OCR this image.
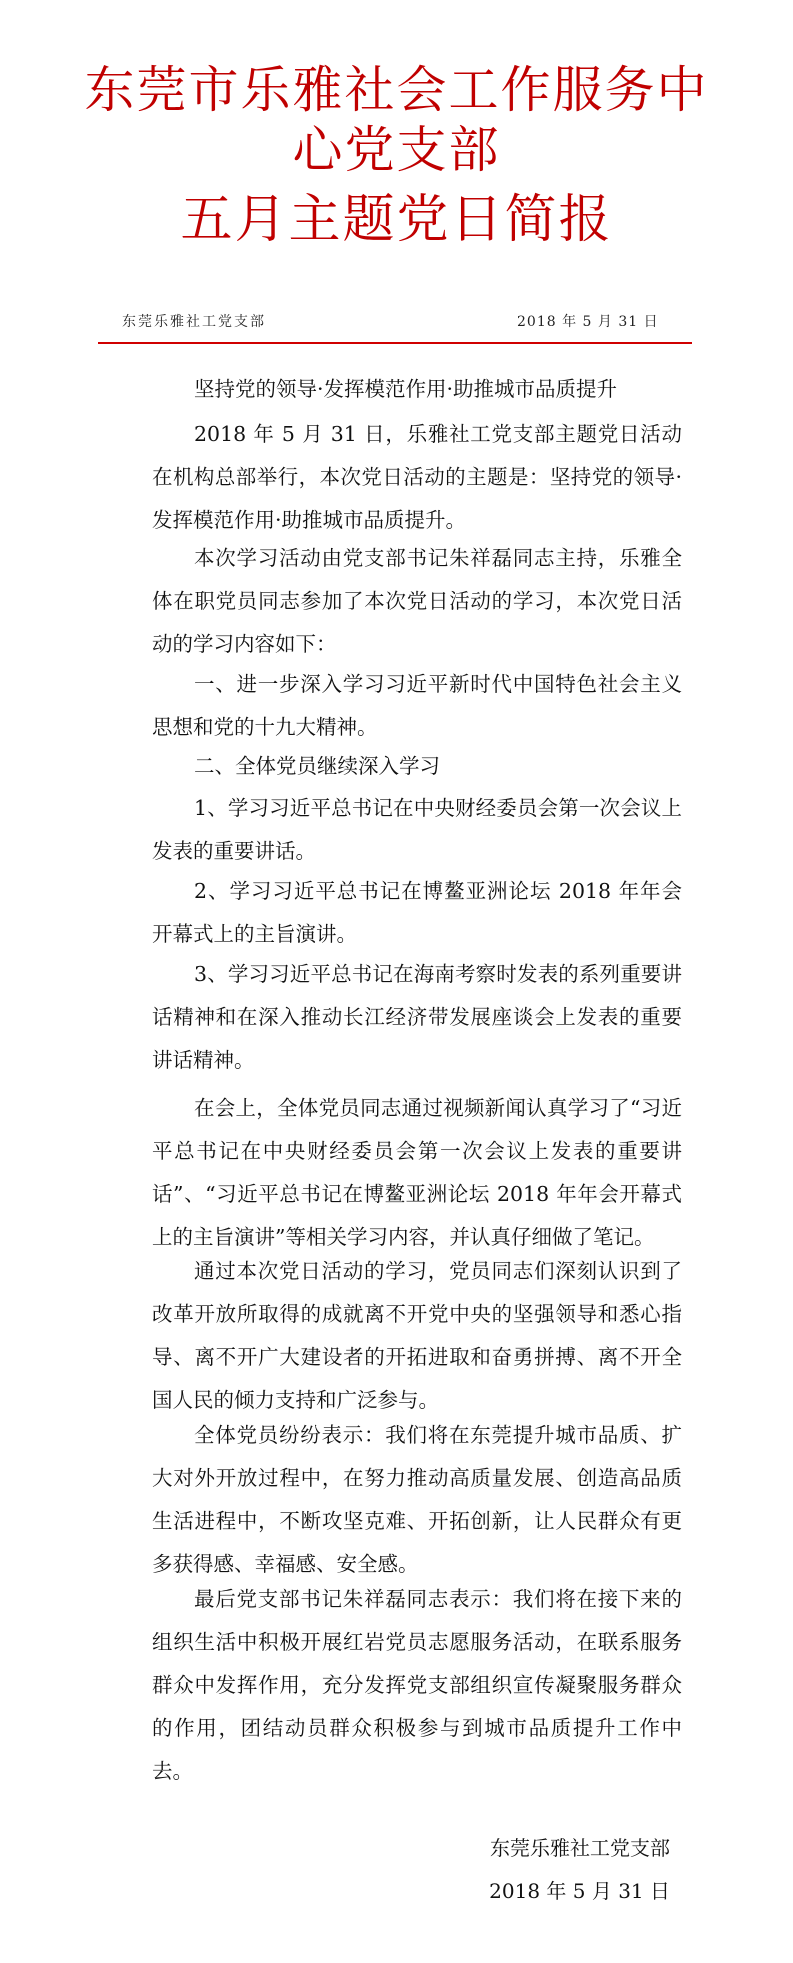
东莞市乐雅社会工作服务中
心党支部
五月主题党日简报
东莞乐雅社工党支部	2018 年 5 月 31 日

坚持党的领导·发挥模范作用·助推城市品质提升

2018 年 5 月 31 日，乐雅社工党支部主题党日活动在机构总部举行，本次党日活动的主题是：坚持党的领导·发挥模范作用·助推城市品质提升。

本次学习活动由党支部书记朱祥磊同志主持，乐雅全体在职党员同志参加了本次党日活动的学习，本次党日活动的学习内容如下：

一、进一步深入学习习近平新时代中国特色社会主义思想和党的十九大精神。

二、全体党员继续深入学习

1、学习习近平总书记在中央财经委员会第一次会议上发表的重要讲话。

2、学习习近平总书记在博鳌亚洲论坛 2018 年年会开幕式上的主旨演讲。

3、学习习近平总书记在海南考察时发表的系列重要讲话精神和在深入推动长江经济带发展座谈会上发表的重要讲话精神。

在会上，全体党员同志通过视频新闻认真学习了“习近平总书记在中央财经委员会第一次会议上发表的重要讲话”、“习近平总书记在博鳌亚洲论坛 2018 年年会开幕式上的主旨演讲”等相关学习内容，并认真仔细做了笔记。

通过本次党日活动的学习，党员同志们深刻认识到了改革开放所取得的成就离不开党中央的坚强领导和悉心指导、离不开广大建设者的开拓进取和奋勇拼搏、离不开全国人民的倾力支持和广泛参与。

全体党员纷纷表示：我们将在东莞提升城市品质、扩大对外开放过程中，在努力推动高质量发展、创造高品质生活进程中，不断攻坚克难、开拓创新，让人民群众有更多获得感、幸福感、安全感。

最后党支部书记朱祥磊同志表示：我们将在接下来的组织生活中积极开展红岩党员志愿服务活动，在联系服务群众中发挥作用，充分发挥党支部组织宣传凝聚服务群众的作用，团结动员群众积极参与到城市品质提升工作中去。

东莞乐雅社工党支部
2018 年 5 月 31 日
